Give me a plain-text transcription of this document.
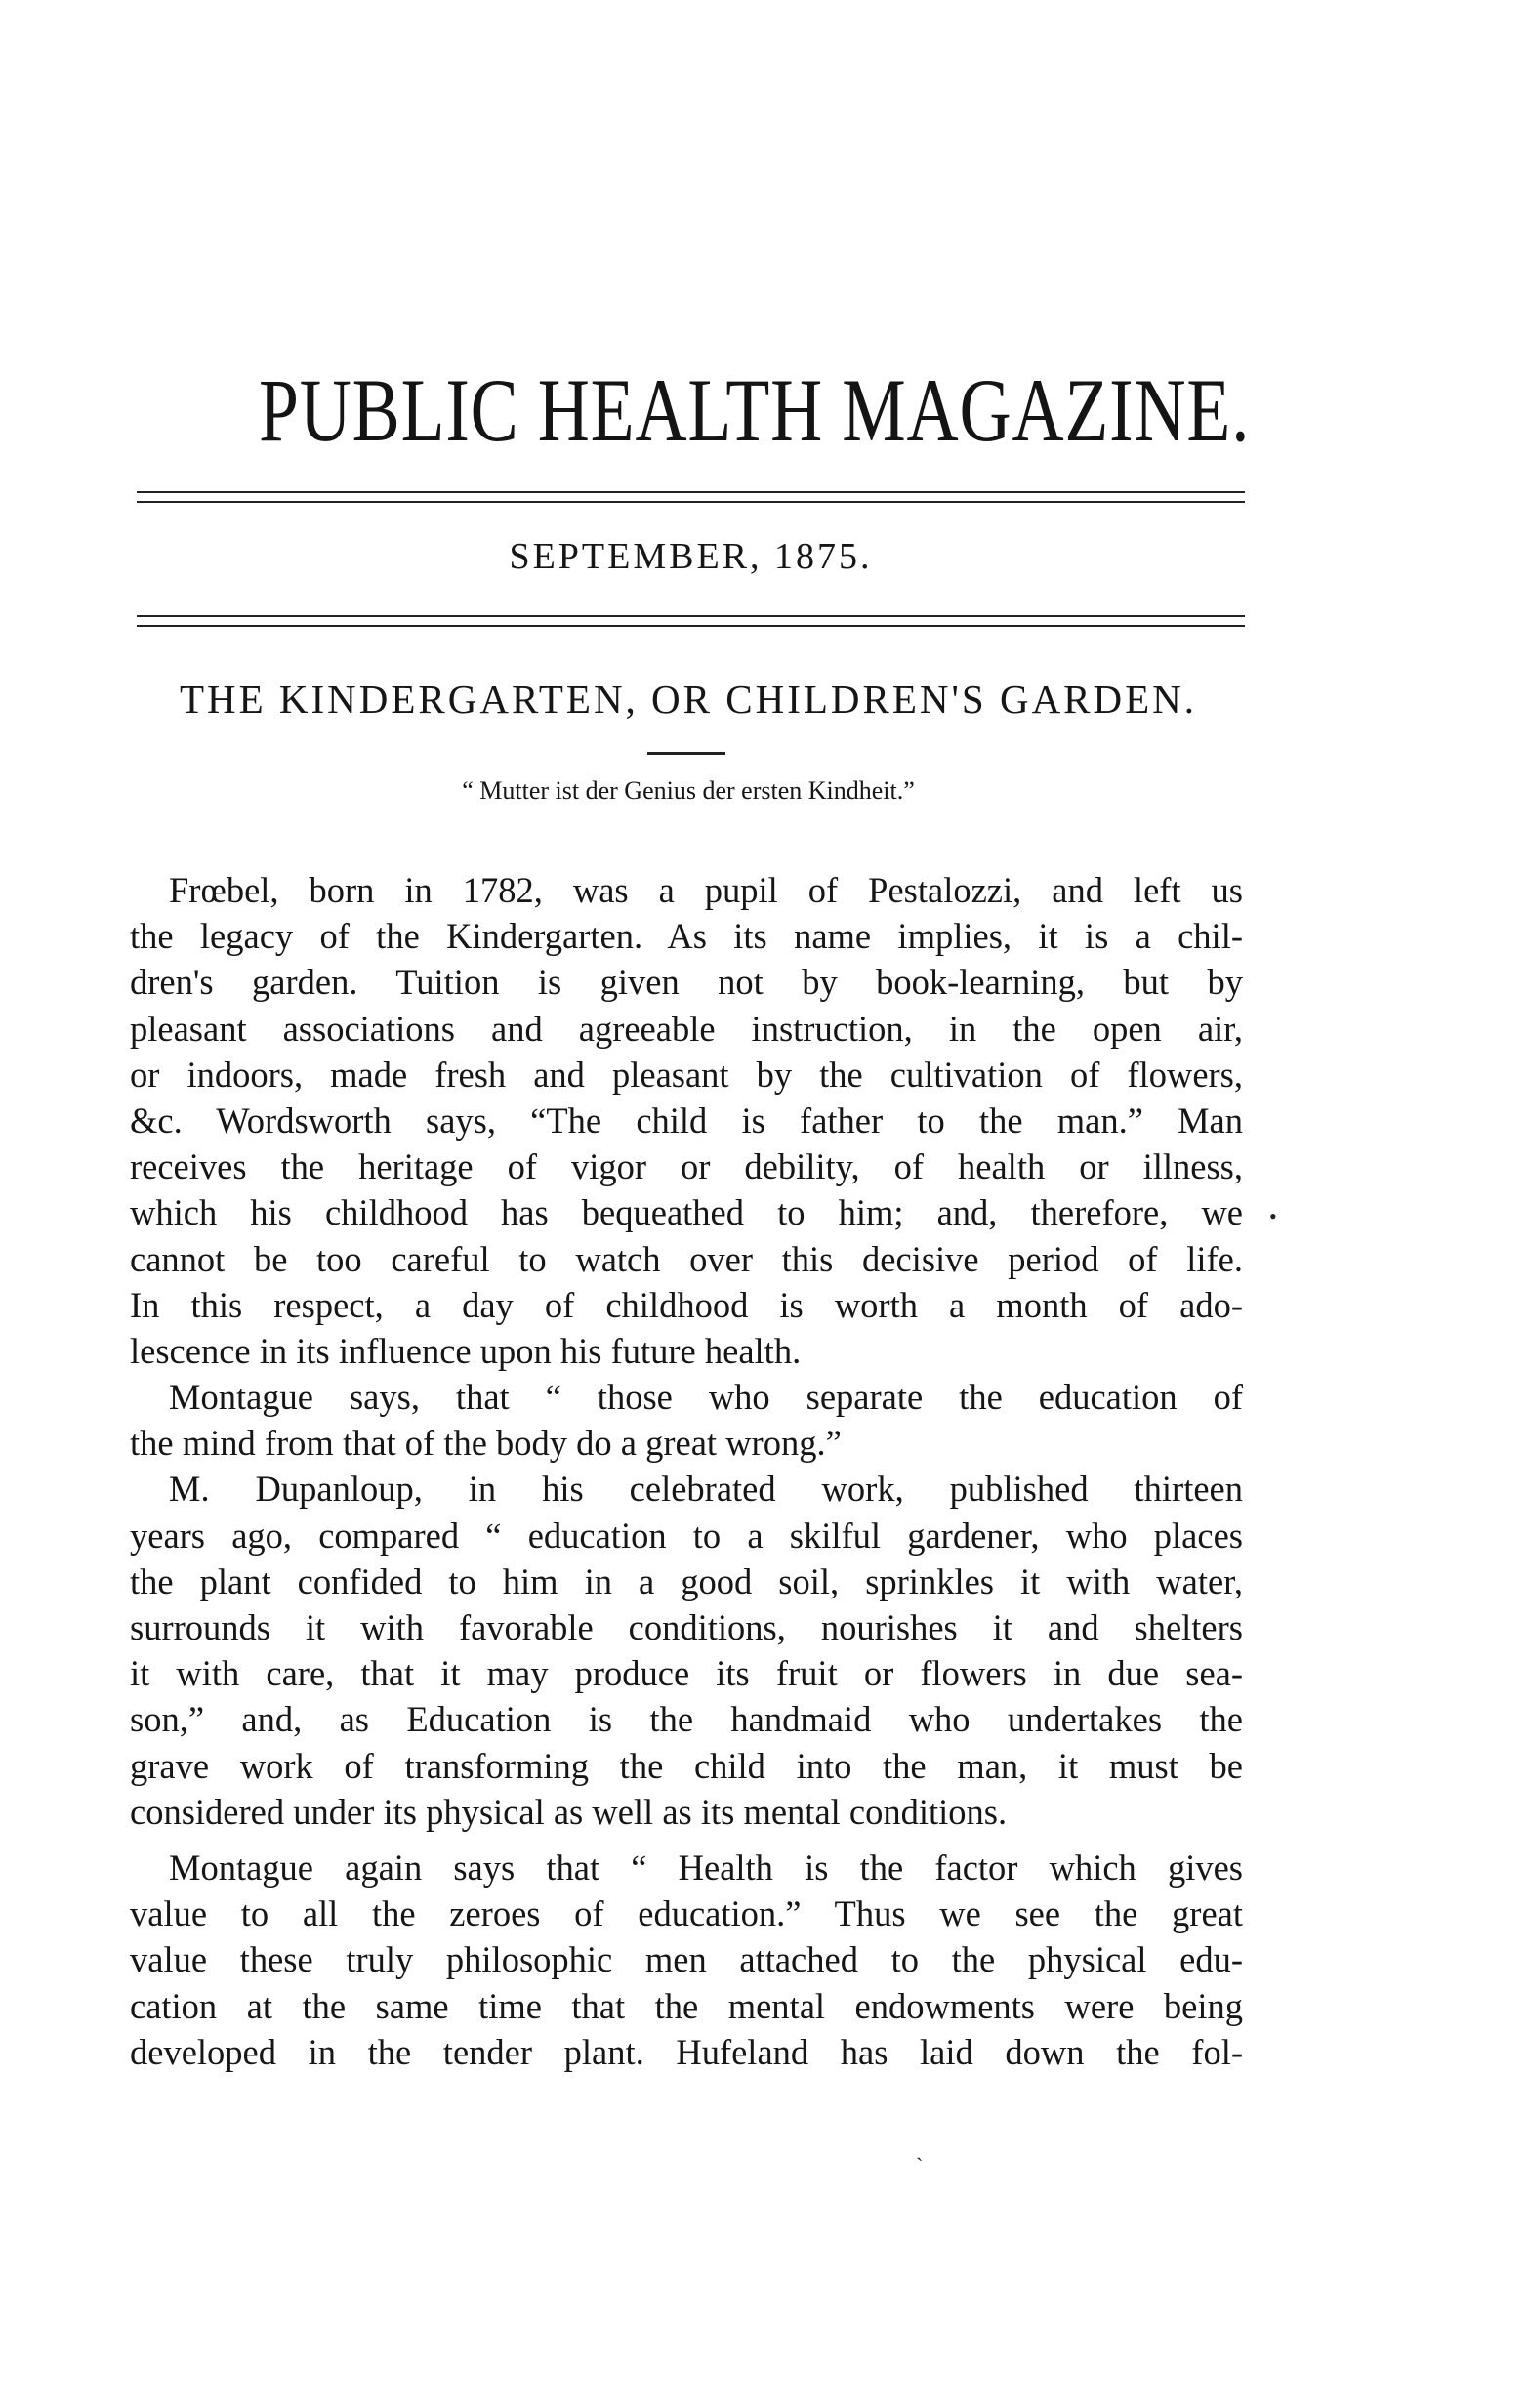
PUBLIC HEALTH MAGAZINE.
SEPTEMBER, 1875.
THE KINDERGARTEN, OR CHILDREN'S GARDEN.
“ Mutter ist der Genius der ersten Kindheit.”
Frœbel, born in 1782, was a pupil of Pestalozzi, and left us
the legacy of the Kindergarten. As its name implies, it is a chil-
dren's garden. Tuition is given not by book-learning, but by
pleasant associations and agreeable instruction, in the open air,
or indoors, made fresh and pleasant by the cultivation of flowers,
&c. Wordsworth says, “The child is father to the man.” Man
receives the heritage of vigor or debility, of health or illness,
which his childhood has bequeathed to him; and, therefore, we
cannot be too careful to watch over this decisive period of life.
In this respect, a day of childhood is worth a month of ado-
lescence in its influence upon his future health.
Montague says, that “ those who separate the education of
the mind from that of the body do a great wrong.”
M. Dupanloup, in his celebrated work, published thirteen
years ago, compared “ education to a skilful gardener, who places
the plant confided to him in a good soil, sprinkles it with water,
surrounds it with favorable conditions, nourishes it and shelters
it with care, that it may produce its fruit or flowers in due sea-
son,” and, as Education is the handmaid who undertakes the
grave work of transforming the child into the man, it must be
considered under its physical as well as its mental conditions.
Montague again says that “ Health is the factor which gives
value to all the zeroes of education.” Thus we see the great
value these truly philosophic men attached to the physical edu-
cation at the same time that the mental endowments were being
developed in the tender plant. Hufeland has laid down the fol-
•
ˎ
